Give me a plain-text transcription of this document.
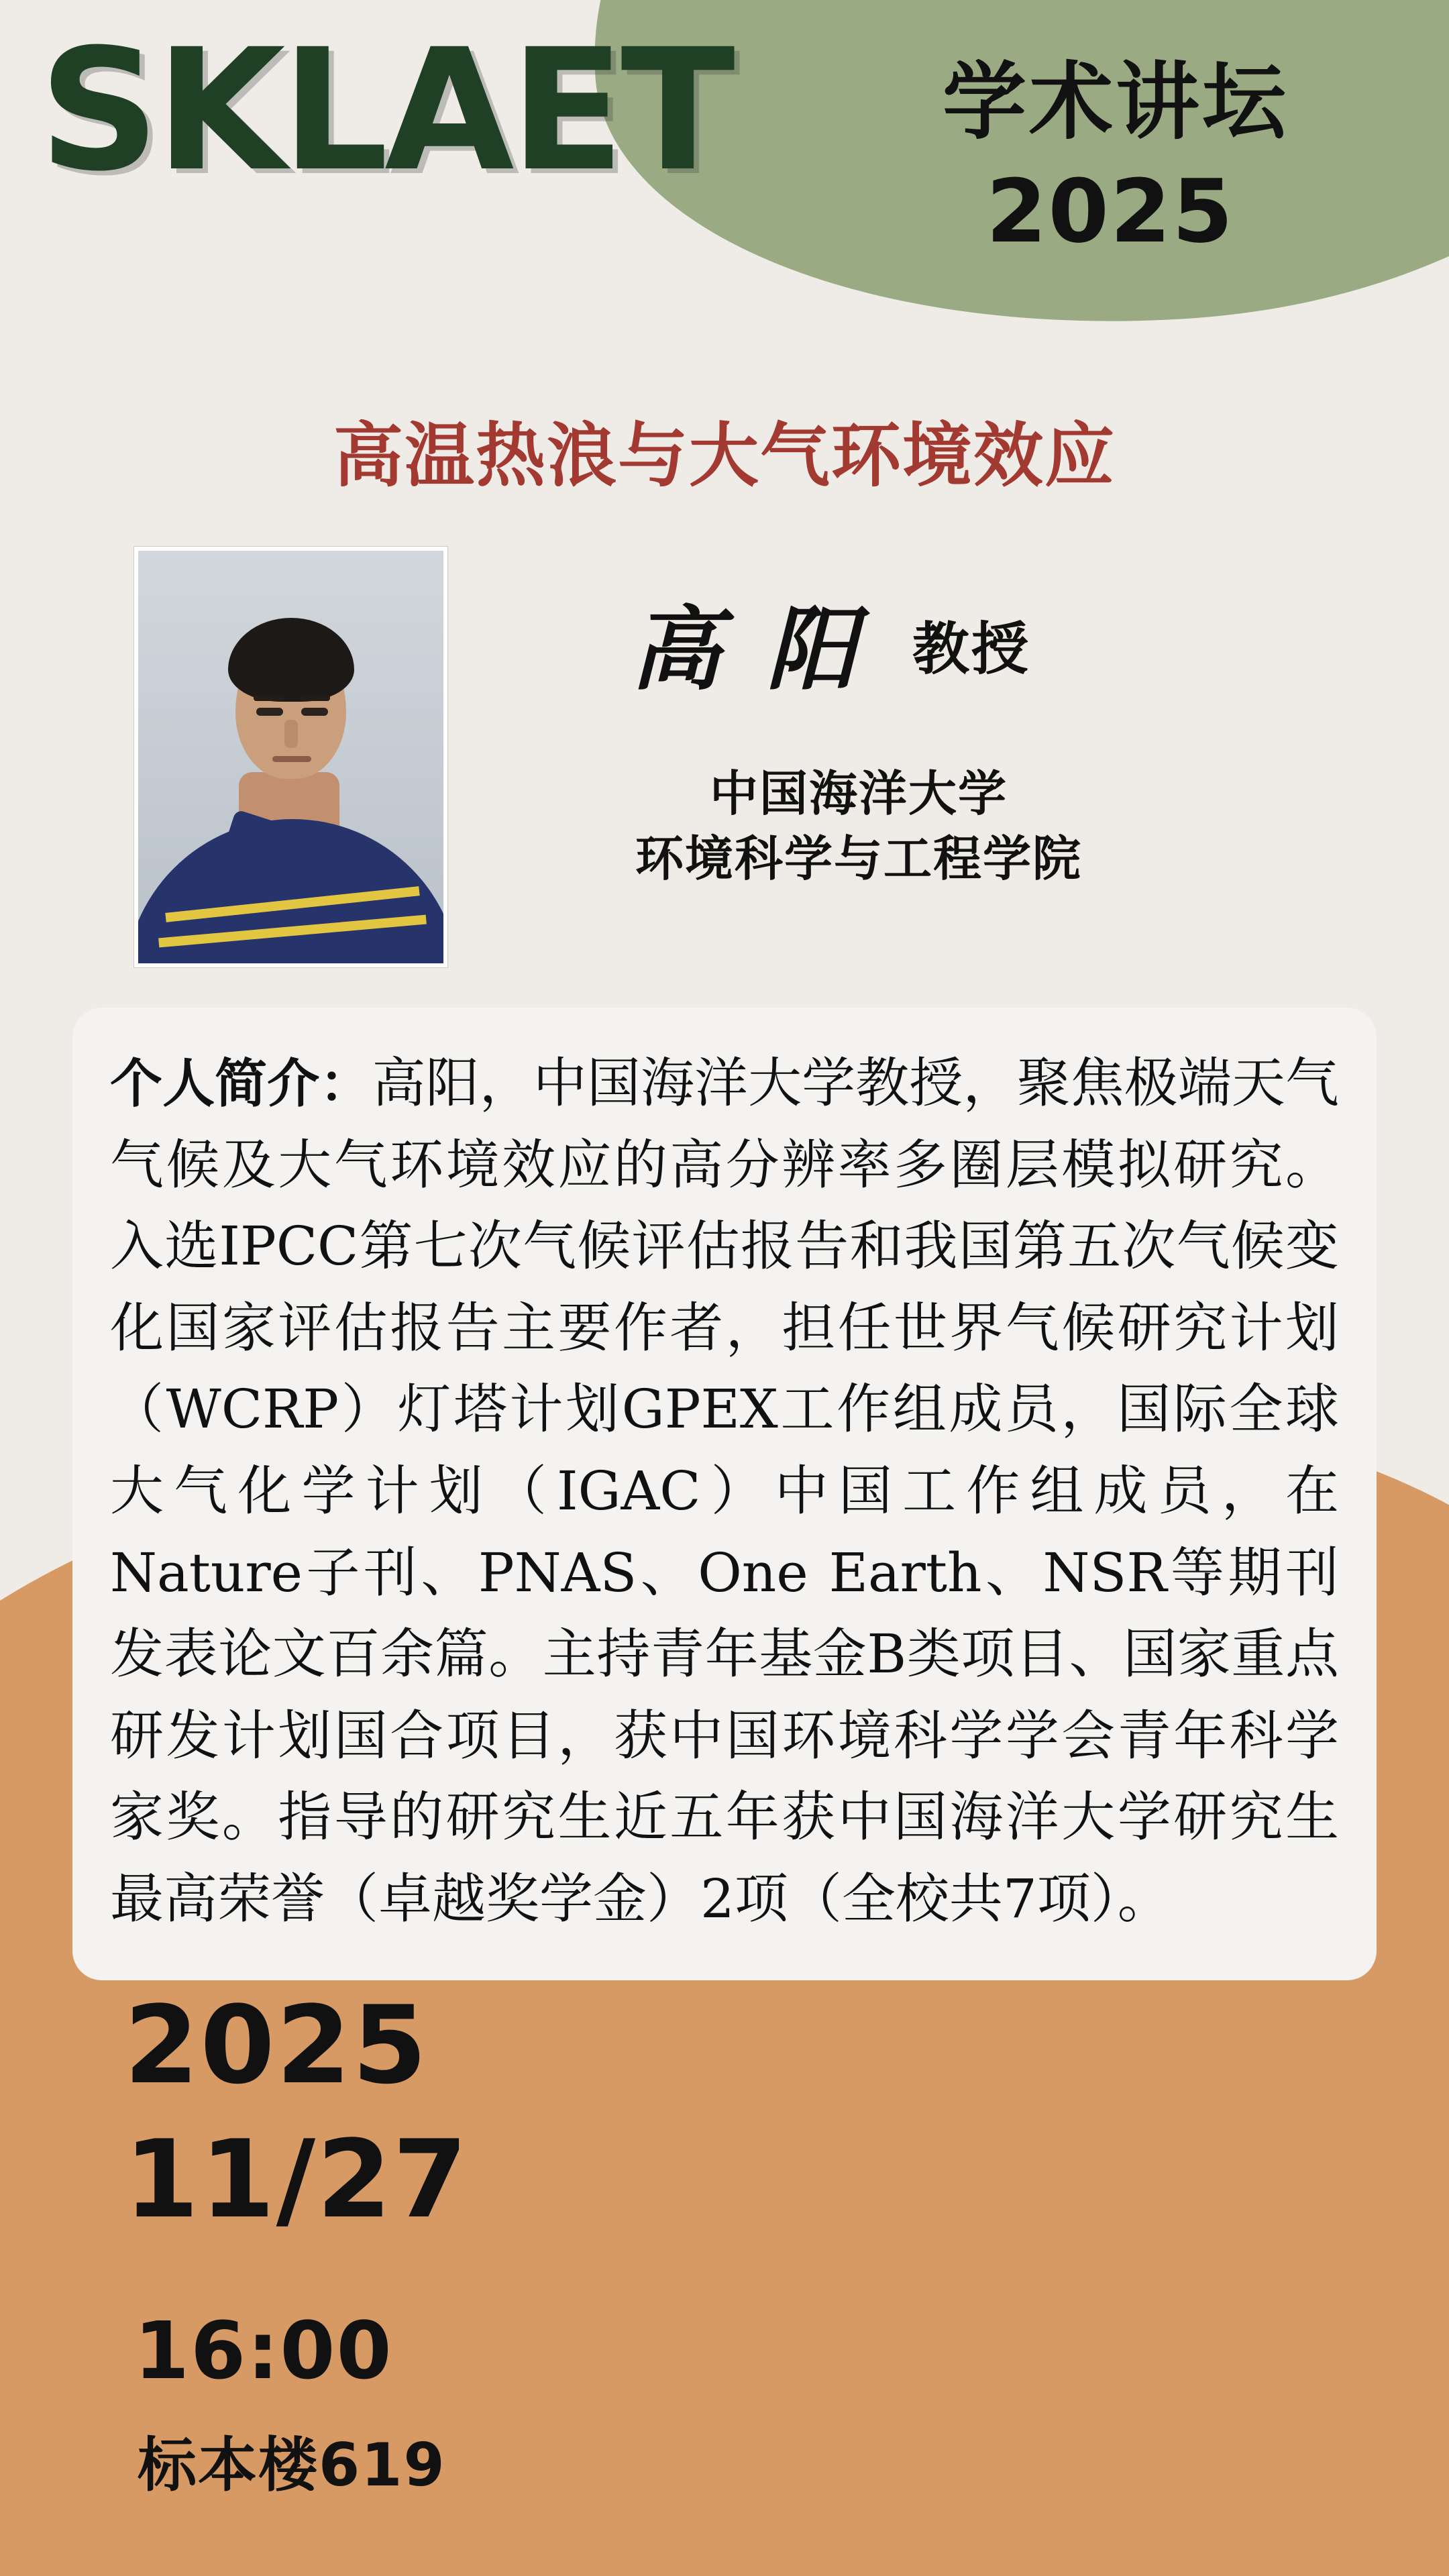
SKLAET	学术讲坛
2025
高温热浪与大气环境效应
高 阳 教授
中国海洋大学
环境科学与工程学院
个人简介：高阳，中国海洋大学教授，聚焦极端天气气候及大气环境效应的高分辨率多圈层模拟研究。入选IPCC第七次气候评估报告和我国第五次气候变化国家评估报告主要作者，担任世界气候研究计划（WCRP）灯塔计划GPEX工作组成员，国际全球大气化学计划（IGAC）中国工作组成员，在Nature子刊、PNAS、One Earth、NSR等期刊发表论文百余篇。主持青年基金B类项目、国家重点研发计划国合项目，获中国环境科学学会青年科学家奖。指导的研究生近五年获中国海洋大学研究生最高荣誉（卓越奖学金）2项（全校共7项）。
2025
11/27
16:00
标本楼619
